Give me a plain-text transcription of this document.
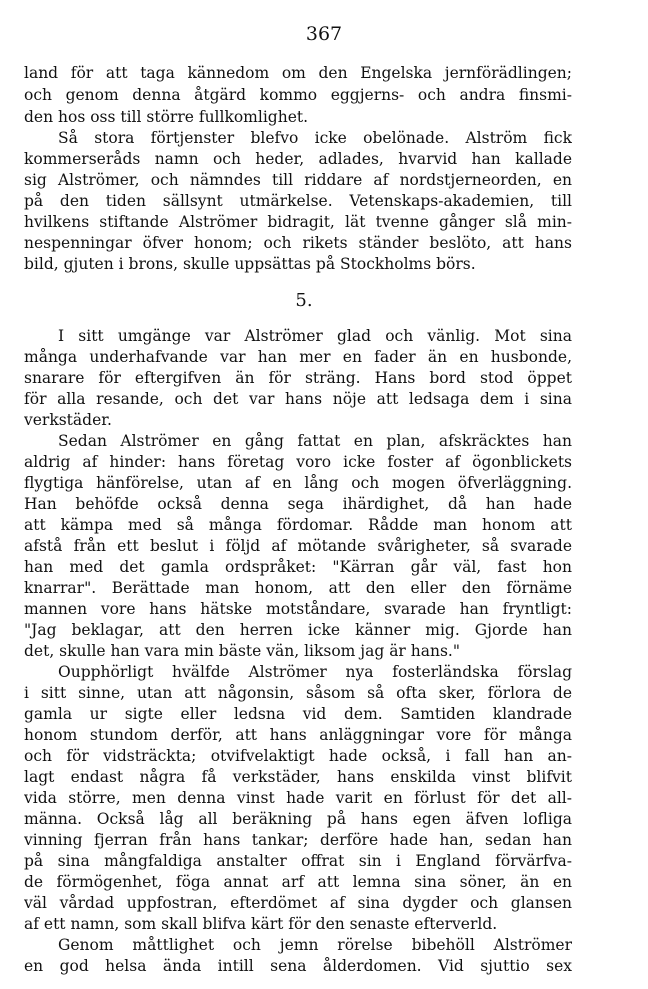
367
land för att taga kännedom om den Engelska jernförädlingen;
och genom denna åtgärd kommo eggjerns- och andra finsmi-
den hos oss till större fullkomlighet.
Så stora förtjenster blefvo icke obelönade. Alström fick
kommerseråds namn och heder, adlades, hvarvid han kallade
sig Alströmer, och nämndes till riddare af nordstjerneorden, en
på den tiden sällsynt utmärkelse. Vetenskaps-akademien, till
hvilkens stiftande Alströmer bidragit, lät tvenne gånger slå min-
nespenningar öfver honom; och rikets ständer beslöto, att hans
bild, gjuten i brons, skulle uppsättas på Stockholms börs.
5.
I sitt umgänge var Alströmer glad och vänlig. Mot sina
många underhafvande var han mer en fader än en husbonde,
snarare för eftergifven än för sträng. Hans bord stod öppet
för alla resande, och det var hans nöje att ledsaga dem i sina
verkstäder.
Sedan Alströmer en gång fattat en plan, afskräcktes han
aldrig af hinder: hans företag voro icke foster af ögonblickets
flygtiga hänförelse, utan af en lång och mogen öfverläggning.
Han behöfde också denna sega ihärdighet, då han hade
att kämpa med så många fördomar. Rådde man honom att
afstå från ett beslut i följd af mötande svårigheter, så svarade
han med det gamla ordspråket: "Kärran går väl, fast hon
knarrar". Berättade man honom, att den eller den förnäme
mannen vore hans hätske motståndare, svarade han fryntligt:
"Jag beklagar, att den herren icke känner mig. Gjorde han
det, skulle han vara min bäste vän, liksom jag är hans."
Oupphörligt hvälfde Alströmer nya fosterländska förslag
i sitt sinne, utan att någonsin, såsom så ofta sker, förlora de
gamla ur sigte eller ledsna vid dem. Samtiden klandrade
honom stundom derför, att hans anläggningar vore för många
och för vidsträckta; otvifvelaktigt hade också, i fall han an-
lagt endast några få verkstäder, hans enskilda vinst blifvit
vida större, men denna vinst hade varit en förlust för det all-
männa. Också låg all beräkning på hans egen äfven lofliga
vinning fjerran från hans tankar; derföre hade han, sedan han
på sina mångfaldiga anstalter offrat sin i England förvärfva-
de förmögenhet, föga annat arf att lemna sina söner, än en
väl vårdad uppfostran, efterdömet af sina dygder och glansen
af ett namn, som skall blifva kärt för den senaste efterverld.
Genom måttlighet och jemn rörelse bibehöll Alströmer
en god helsa ända intill sena ålderdomen. Vid sjuttio sex
